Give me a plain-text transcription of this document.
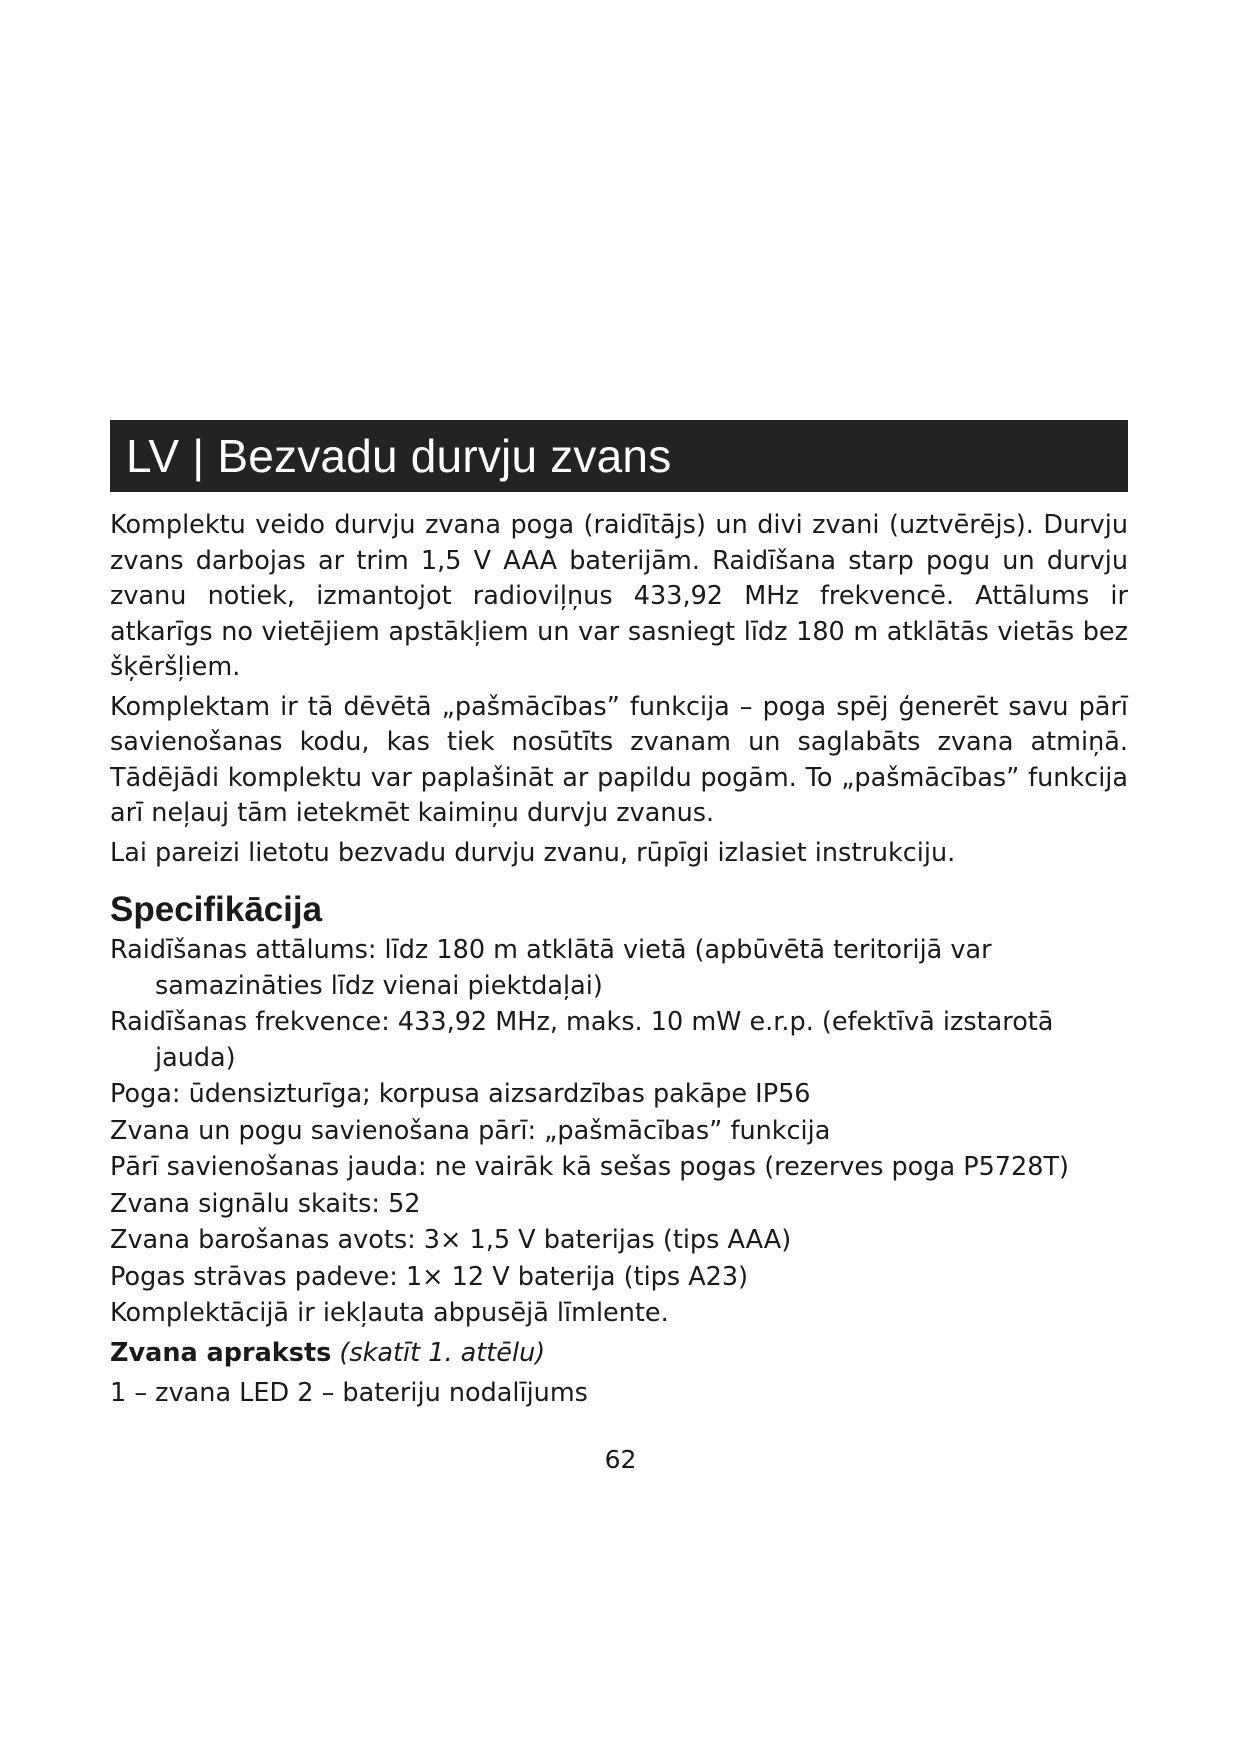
LV | Bezvadu durvju zvans

Komplektu veido durvju zvana poga (raidītājs) un divi zvani (uztvērējs). Durvju zvans darbojas ar trim 1,5 V AAA baterijām. Raidīšana starp pogu un durvju zvanu notiek, izmantojot radioviļņus 433,92 MHz frekvencē. Attālums ir atkarīgs no vietējiem apstākļiem un var sasniegt līdz 180 m atklātās vietās bez šķēršļiem.

Komplektam ir tā dēvētā „pašmācības” funkcija – poga spēj ģenerēt savu pārī savienošanas kodu, kas tiek nosūtīts zvanam un saglabāts zvana atmiņā. Tādējādi komplektu var paplašināt ar papildu pogām. To „pašmācības” funkcija arī neļauj tām ietekmēt kaimiņu durvju zvanus.

Lai pareizi lietotu bezvadu durvju zvanu, rūpīgi izlasiet instrukciju.

Specifikācija
Raidīšanas attālums: līdz 180 m atklātā vietā (apbūvētā teritorijā var samazināties līdz vienai piektdaļai)
Raidīšanas frekvence: 433,92 MHz, maks. 10 mW e.r.p. (efektīvā izstarotā jauda)
Poga: ūdensizturīga; korpusa aizsardzības pakāpe IP56
Zvana un pogu savienošana pārī: „pašmācības” funkcija
Pārī savienošanas jauda: ne vairāk kā sešas pogas (rezerves poga P5728T)
Zvana signālu skaits: 52
Zvana barošanas avots: 3× 1,5 V baterijas (tips AAA)
Pogas strāvas padeve: 1× 12 V baterija (tips A23)
Komplektācijā ir iekļauta abpusējā līmlente.
Zvana apraksts (skatīt 1. attēlu)
1 – zvana LED 2 – bateriju nodalījums
62
